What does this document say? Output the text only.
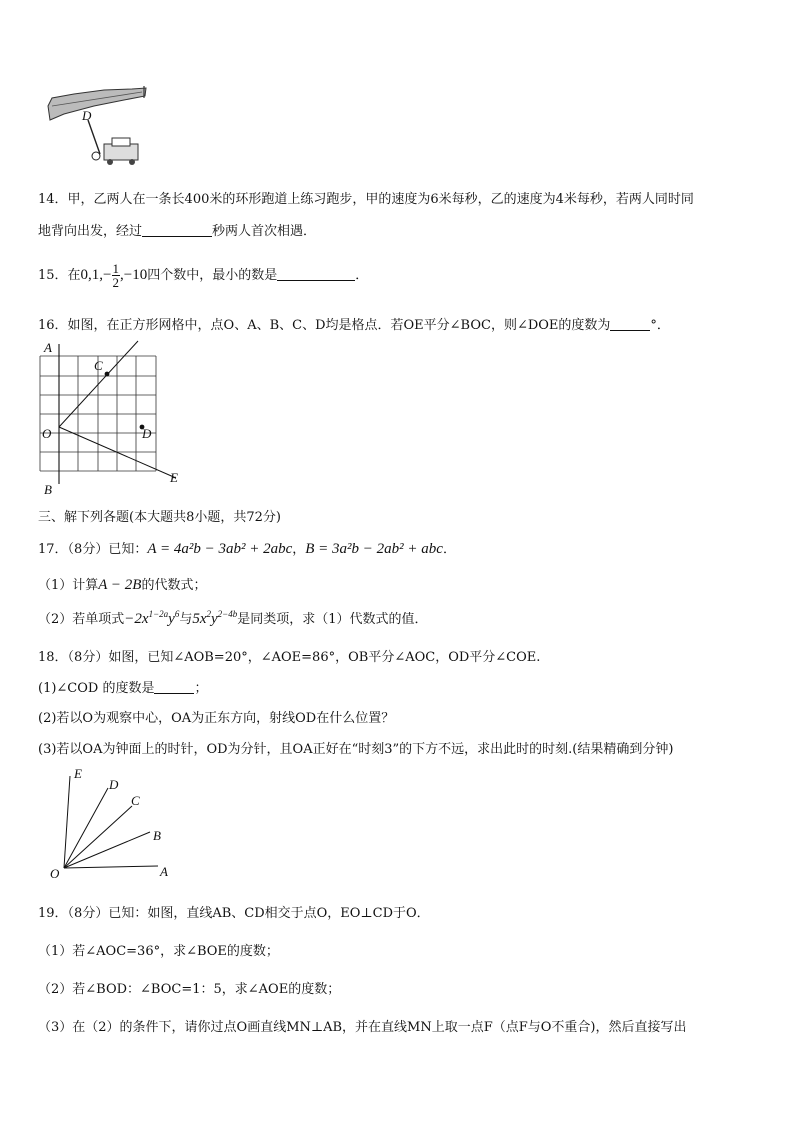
D
14．甲，乙两人在一条长400米的环形跑道上练习跑步，甲的速度为6米每秒，乙的速度为4米每秒，若两人同时同
地背向出发，经过	秒两人首次相遇．
15．在$0,1,- \frac{1}{2} ,-10$四个数中，最小的数是	．
16．如图，在正方形网格中，点O、A、B、C、D均是格点．若OE平分∠BOC，则∠DOE的度数为	°．
A
C
O	D
B
E
三、解下列各题(本大题共8小题，共72分)
17．（8分）已知：A = 4a²b − 3ab² + 2abc，B = 3a²b − 2ab² + abc．
（1）计算A − 2B的代数式；
（2）若单项式$-2x^{1-2a}y^6$与$5x^2y^{2-4b}$是同类项，求（1）代数式的值．
18．（8分）如图，已知∠AOB=20°，∠AOE=86°，OB平分∠AOC，OD平分∠COE.
(1)∠COD 的度数是	；
(2)若以O为观察中心，OA为正东方向，射线OD在什么位置？
(3)若以OA为钟面上的时针，OD为分针，且OA正好在“时刻3”的下方不远，求出此时的时刻.(结果精确到分钟)
E
D
C
B
A
O
19．（8分）已知：如图，直线AB、CD相交于点O，EO⊥CD于O．
（1）若∠AOC=36°，求∠BOE的度数；
（2）若∠BOD：∠BOC=1：5，求∠AOE的度数；
（3）在（2）的条件下，请你过点O画直线MN⊥AB，并在直线MN上取一点F（点F与O不重合)，然后直接写出
